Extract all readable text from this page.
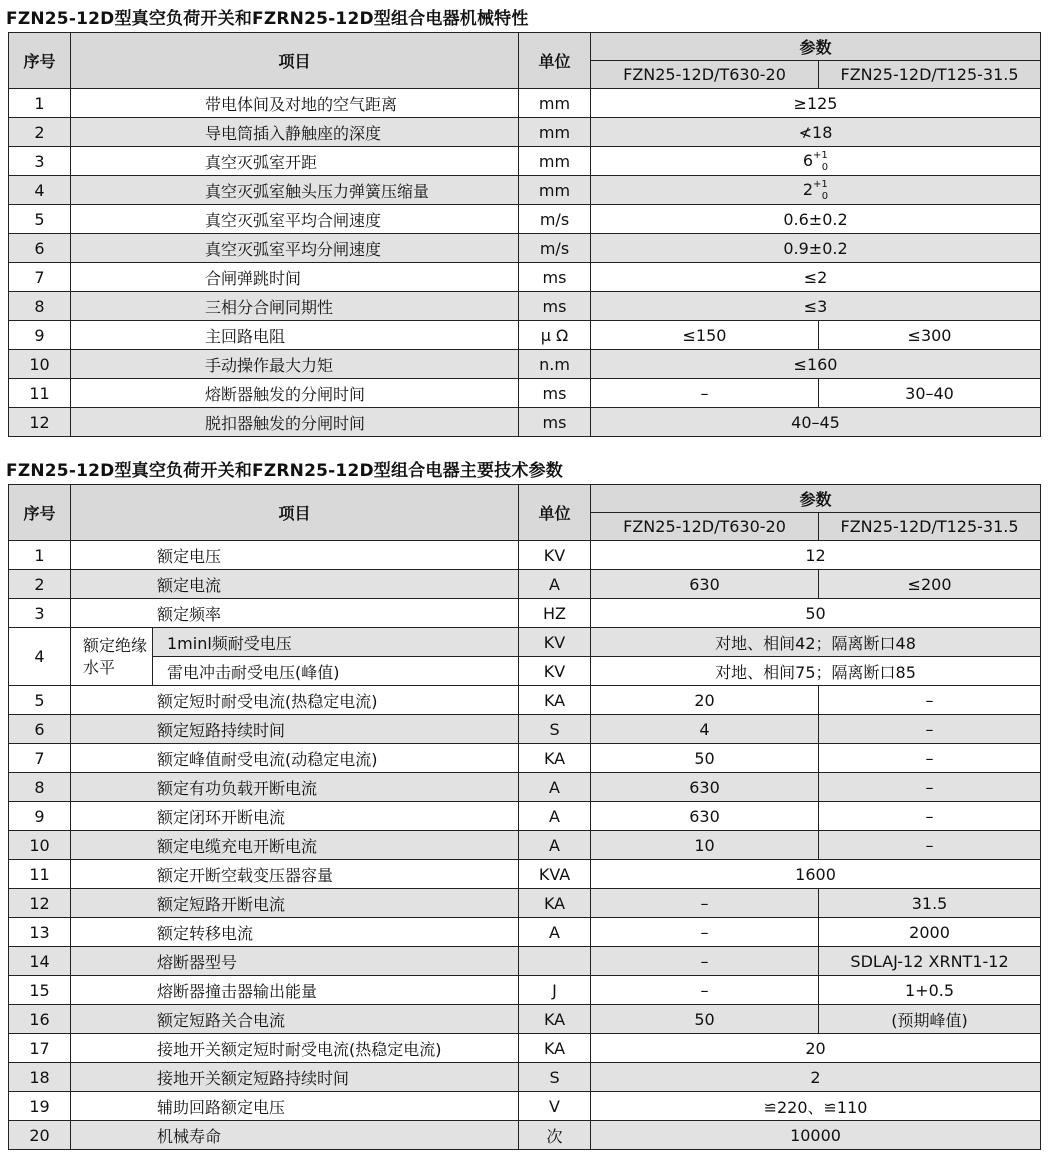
FZN25-12D型真空负荷开关和FZRN25-12D型组合电器机械特性
序号	项目	单位	参数	
			FZN25-12D/T630-20	FZN25-12D/T125-31.5
1	带电体间及对地的空气距离	mm	≥125	
2	导电筒插入静触座的深度	mm	≮18	
3	真空灭弧室开距	mm	$6^{+1}_0$
4	真空灭弧室触头压力弹簧压缩量	mm	$2^{+1}_0$
5	真空灭弧室平均合闸速度	m/s	0.6±0.2	
6	真空灭弧室平均分闸速度	m/s	0.9±0.2	
7	合闸弹跳时间	ms	≤2	
8	三相分合闸同期性	ms	≤3	
9	主回路电阻	μ Ω	≤150	≤300
10	手动操作最大力矩	n.m	≤160	
11	熔断器触发的分闸时间	ms	–	30–40
12	脱扣器触发的分闸时间	ms	40–45	
FZN25-12D型真空负荷开关和FZRN25-12D型组合电器主要技术参数
序号	项目		单位	参数	
				FZN25-12D/T630-20	FZN25-12D/T125-31.5
1	额定电压		KV	12	
2	额定电流		A	630	≤200
3	额定频率		HZ	50	
4	额定绝缘水平	1minl频耐受电压	KV	对地、相间42；隔离断口48	
		雷电冲击耐受电压(峰值)	KV	对地、相间75；隔离断口85	
5	额定短时耐受电流(热稳定电流)		KA	20	–
6	额定短路持续时间		S	4	–
7	额定峰值耐受电流(动稳定电流)		KA	50	–
8	额定有功负载开断电流		A	630	–
9	额定闭环开断电流		A	630	–
10	额定电缆充电开断电流		A	10	–
11	额定开断空载变压器容量		KVA	1600	
12	额定短路开断电流		KA	–	31.5
13	额定转移电流		A	–	2000
14	熔断器型号			–	SDLAJ-12 XRNT1-12
15	熔断器撞击器输出能量		J	–	1+0.5
16	额定短路关合电流		KA	50	(预期峰值)
17	接地开关额定短时耐受电流(热稳定电流)		KA	20	
18	接地开关额定短路持续时间		S	2	
19	辅助回路额定电压		V	≌220、≌110	
20	机械寿命		次	10000	
